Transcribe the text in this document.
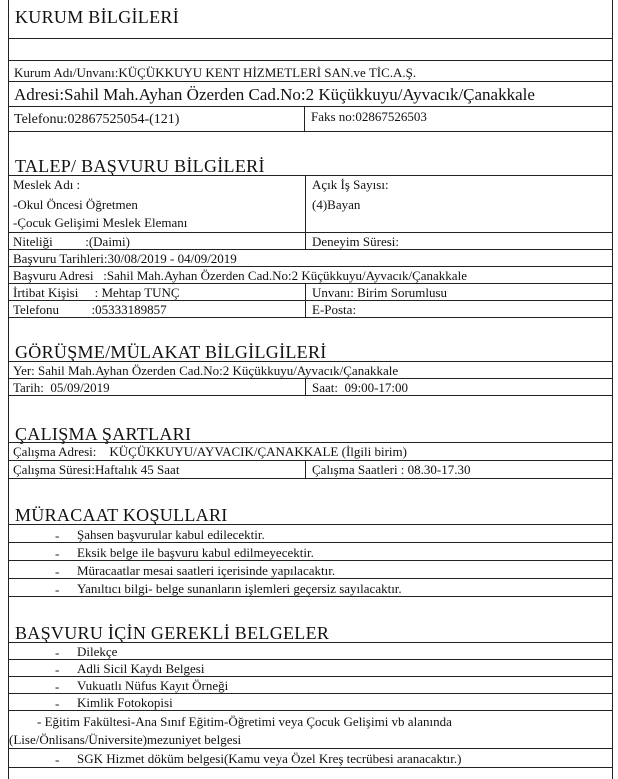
KURUM BİLGİLERİ
Kurum Adı/Unvanı:KÜÇÜKKUYU KENT HİZMETLERİ SAN.ve TİC.A.Ş.
Adresi:Sahil Mah.Ayhan Özerden Cad.No:2 Küçükkuyu/Ayvacık/Çanakkale
Telefonu:02867525054-(121)	Faks no:02867526503
TALEP/ BAŞVURU BİLGİLERİ
Meslek Adı :
-Okul Öncesi Öğretmen
-Çocuk Gelişimi Meslek Elemanı
Açık İş Sayısı:
(4)Bayan
Niteliği          :(Daimi)	Deneyim Süresi:
Başvuru Tarihleri:30/08/2019 - 04/09/2019
Başvuru Adresi   :Sahil Mah.Ayhan Özerden Cad.No:2 Küçükkuyu/Ayvacık/Çanakkale
İrtibat Kişisi     : Mehtap TUNÇ	Unvanı: Birim Sorumlusu
Telefonu          :05333189857	E-Posta:
GÖRÜŞME/MÜLAKAT BİLGİLGİLERİ
Yer: Sahil Mah.Ayhan Özerden Cad.No:2 Küçükkuyu/Ayvacık/Çanakkale
Tarih:  05/09/2019	Saat:  09:00-17:00
ÇALIŞMA ŞARTLARI
Çalışma Adresi:    KÜÇÜKKUYU/AYVACIK/ÇANAKKALE (İlgili birim)
Çalışma Süresi:Haftalık 45 Saat	Çalışma Saatleri : 08.30-17.30
MÜRACAAT KOŞULLARI
- Şahsen başvurular kabul edilecektir.
- Eksik belge ile başvuru kabul edilmeyecektir.
- Müracaatlar mesai saatleri içerisinde yapılacaktır.
- Yanıltıcı bilgi- belge sunanların işlemleri geçersiz sayılacaktır.
BAŞVURU İÇİN GEREKLİ BELGELER
- Dilekçe
- Adli Sicil Kaydı Belgesi
- Vukuatlı Nüfus Kayıt Örneği
- Kimlik Fotokopisi
- Eğitim Fakültesi-Ana Sınıf Eğitim-Öğretimi veya Çocuk Gelişimi vb alanında
(Lise/Önlisans/Üniversite)mezuniyet belgesi
- SGK Hizmet döküm belgesi(Kamu veya Özel Kreş tecrübesi aranacaktır.)
